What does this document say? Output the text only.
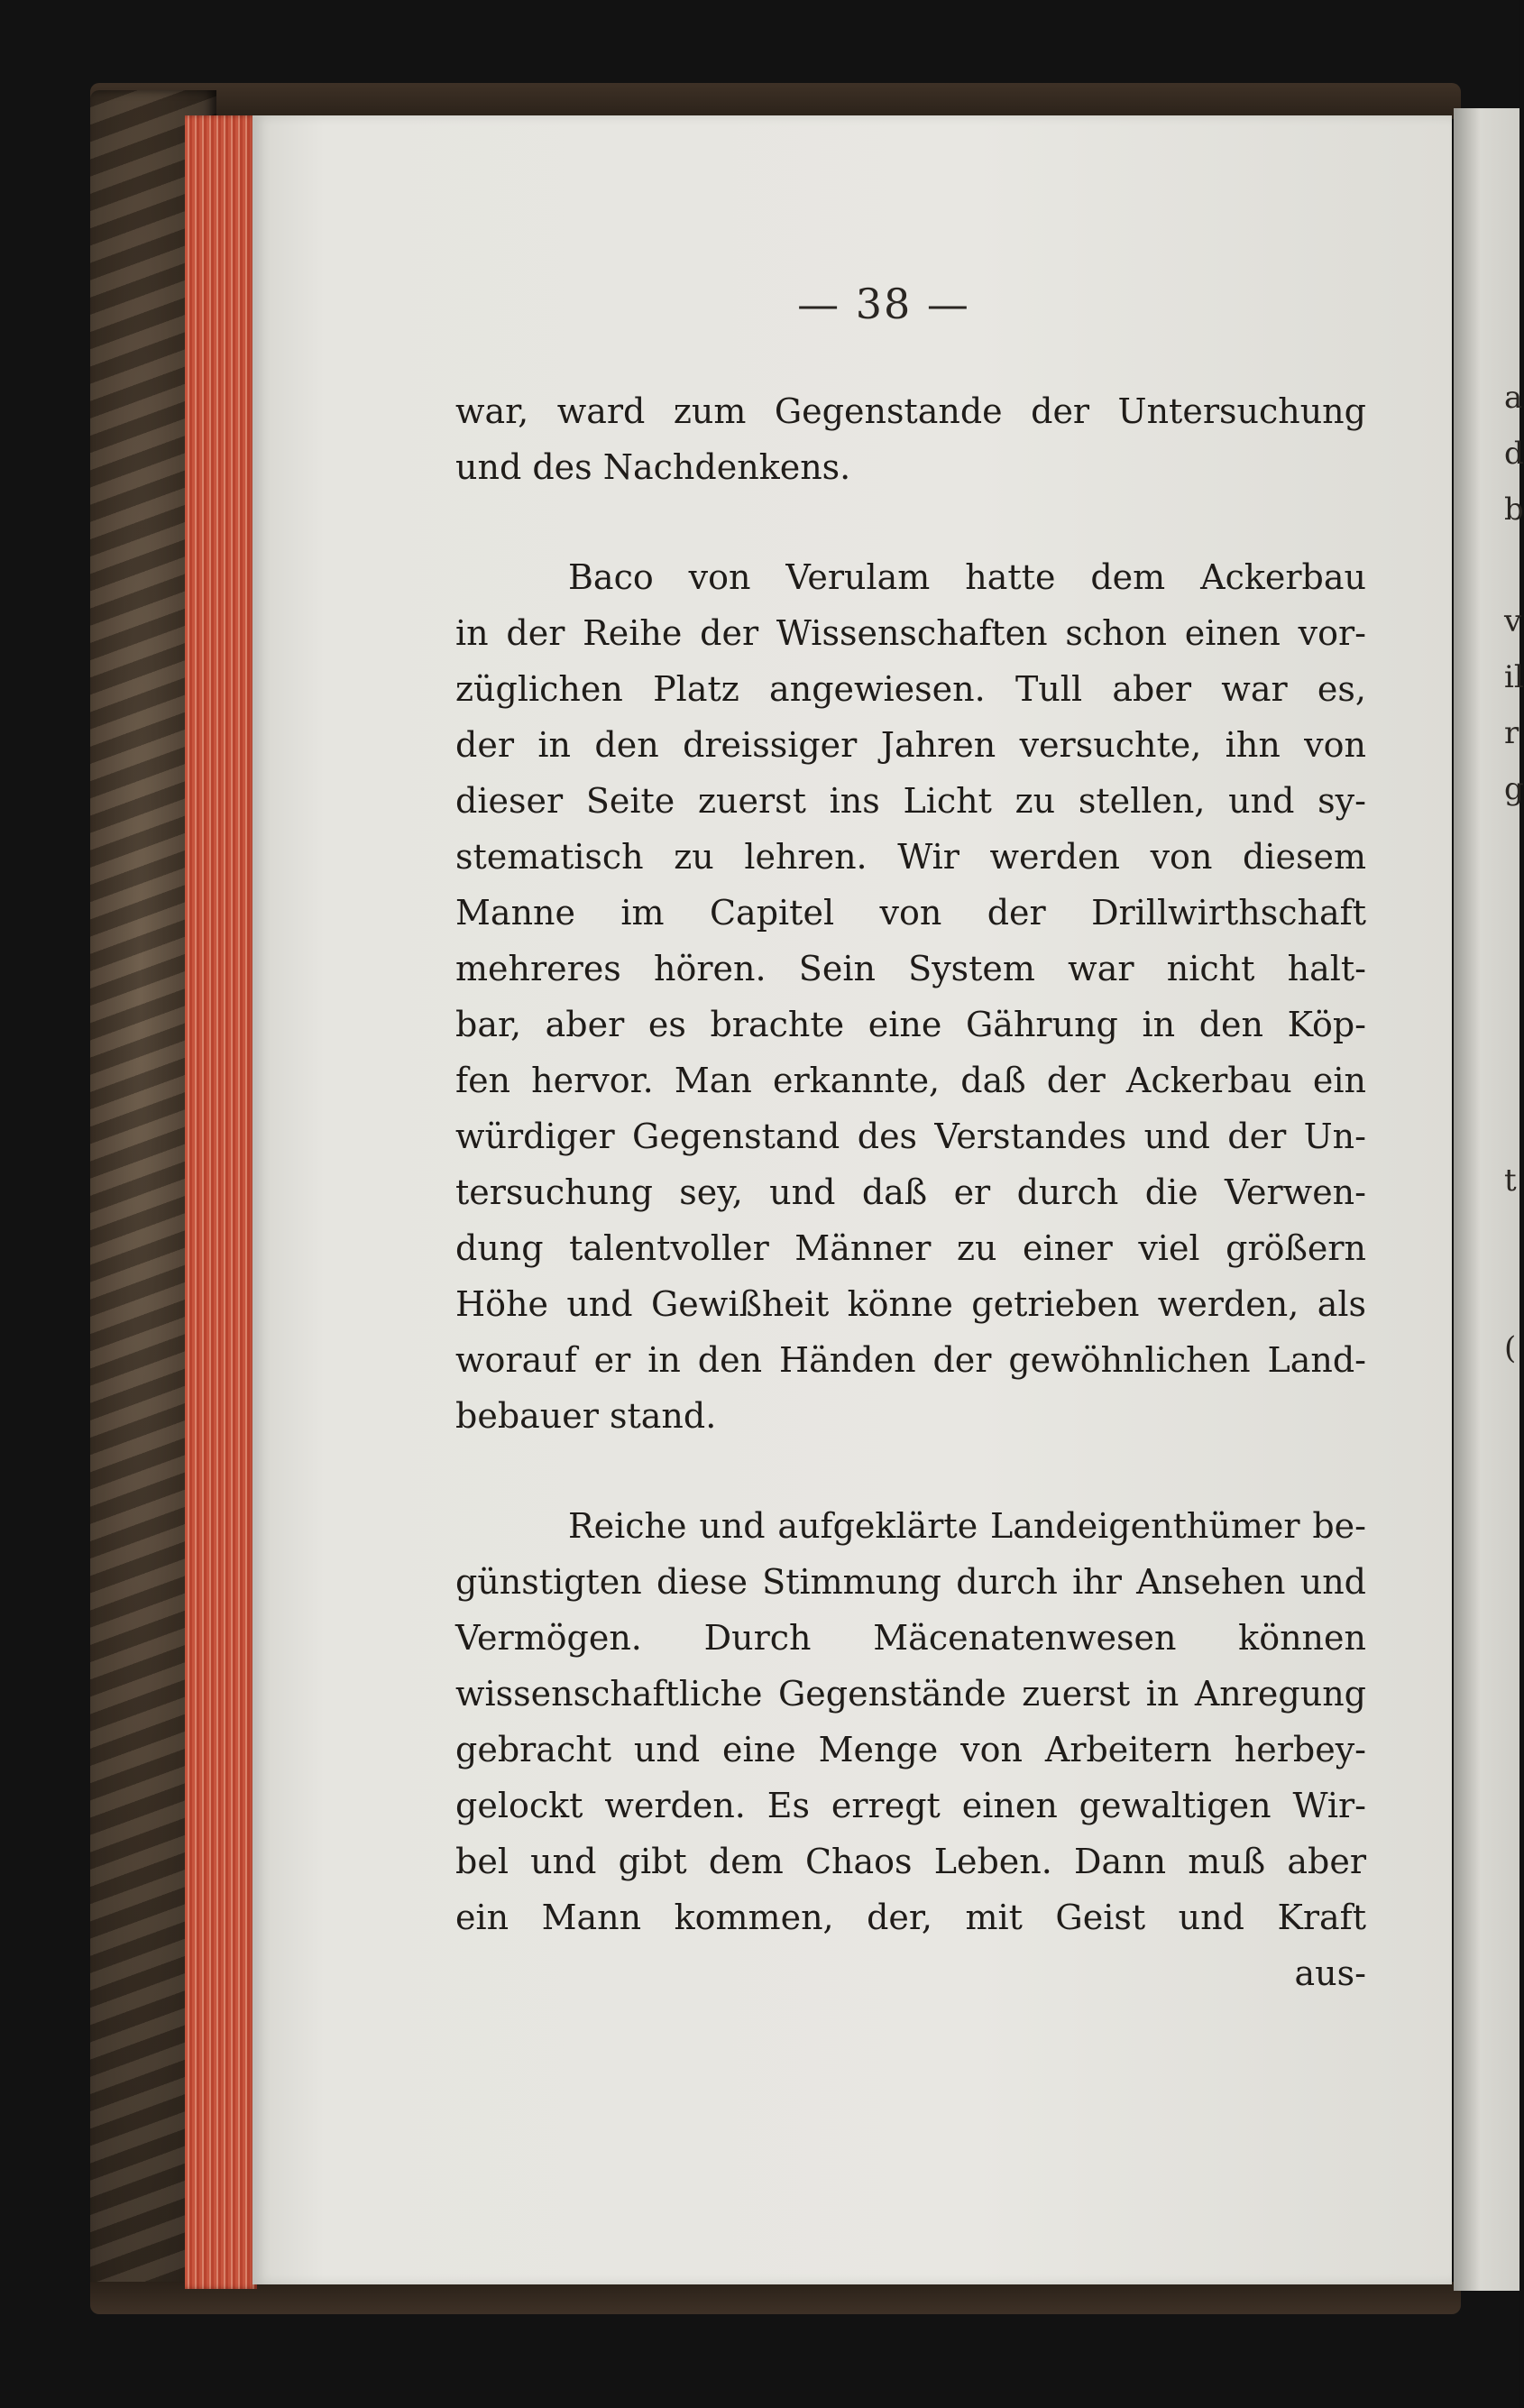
a
d
b

v
il
r
g

t

(

— 38 —
war, ward zum Gegenstande der Untersuchung
und des Nachdenkens.
Baco von Verulam hatte dem Ackerbau
in der Reihe der Wissenschaften schon einen vor-
züglichen Platz angewiesen. Tull aber war es,
der in den dreissiger Jahren versuchte, ihn von
dieser Seite zuerst ins Licht zu stellen, und sy-
stematisch zu lehren. Wir werden von diesem
Manne im Capitel von der Drillwirthschaft
mehreres hören. Sein System war nicht halt-
bar, aber es brachte eine Gährung in den Köp-
fen hervor. Man erkannte, daß der Ackerbau ein
würdiger Gegenstand des Verstandes und der Un-
tersuchung sey, und daß er durch die Verwen-
dung talentvoller Männer zu einer viel größern
Höhe und Gewißheit könne getrieben werden, als
worauf er in den Händen der gewöhnlichen Land-
bebauer stand.
Reiche und aufgeklärte Landeigenthümer be-
günstigten diese Stimmung durch ihr Ansehen und
Vermögen. Durch Mäcenatenwesen können
wissenschaftliche Gegenstände zuerst in Anregung
gebracht und eine Menge von Arbeitern herbey-
gelockt werden. Es erregt einen gewaltigen Wir-
bel und gibt dem Chaos Leben. Dann muß aber
ein Mann kommen, der, mit Geist und Kraft
aus-
